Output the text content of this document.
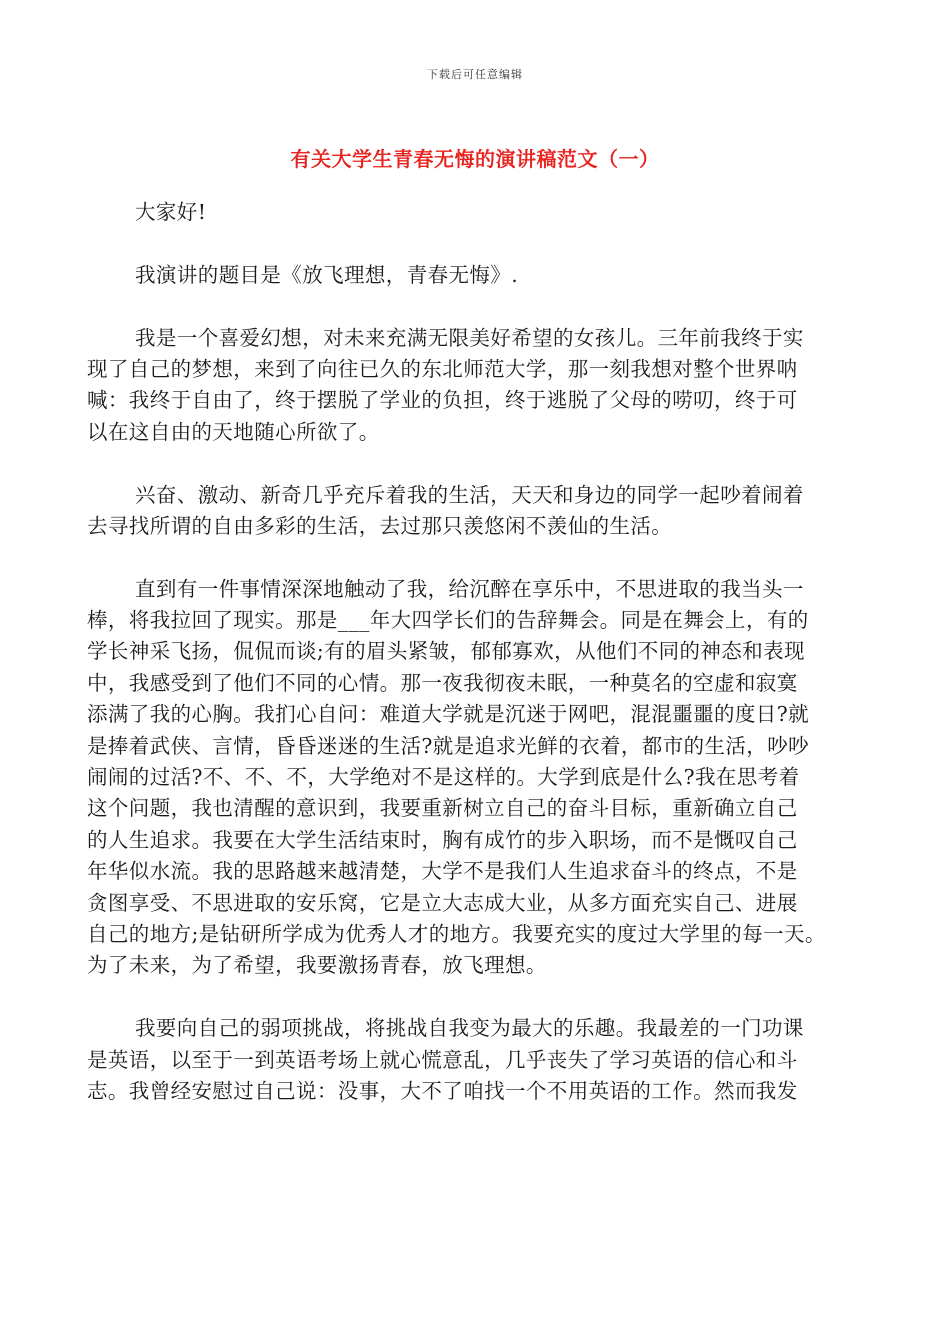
下载后可任意编辑
有关大学生青春无悔的演讲稿范文（一）
大家好!
我演讲的题目是《放飞理想，青春无悔》.
我是一个喜爱幻想，对未来充满无限美好希望的女孩儿。三年前我终于实
现了自己的梦想，来到了向往已久的东北师范大学，那一刻我想对整个世界呐
喊：我终于自由了，终于摆脱了学业的负担，终于逃脱了父母的唠叨，终于可
以在这自由的天地随心所欲了。
兴奋、激动、新奇几乎充斥着我的生活，天天和身边的同学一起吵着闹着
去寻找所谓的自由多彩的生活，去过那只羡悠闲不羡仙的生活。
直到有一件事情深深地触动了我，给沉醉在享乐中，不思进取的我当头一
棒，将我拉回了现实。那是___年大四学长们的告辞舞会。同是在舞会上，有的
学长神采飞扬，侃侃而谈;有的眉头紧皱，郁郁寡欢，从他们不同的神态和表现
中，我感受到了他们不同的心情。那一夜我彻夜未眠，一种莫名的空虚和寂寞
添满了我的心胸。我扪心自问：难道大学就是沉迷于网吧，混混噩噩的度日?就
是捧着武侠、言情，昏昏迷迷的生活?就是追求光鲜的衣着，都市的生活，吵吵
闹闹的过活?不、不、不，大学绝对不是这样的。大学到底是什么?我在思考着
这个问题，我也清醒的意识到，我要重新树立自己的奋斗目标，重新确立自己
的人生追求。我要在大学生活结束时，胸有成竹的步入职场，而不是慨叹自己
年华似水流。我的思路越来越清楚，大学不是我们人生追求奋斗的终点，不是
贪图享受、不思进取的安乐窝，它是立大志成大业，从多方面充实自己、进展
自己的地方;是钻研所学成为优秀人才的地方。我要充实的度过大学里的每一天。
为了未来，为了希望，我要激扬青春，放飞理想。
我要向自己的弱项挑战，将挑战自我变为最大的乐趣。我最差的一门功课
是英语，以至于一到英语考场上就心慌意乱，几乎丧失了学习英语的信心和斗
志。我曾经安慰过自己说：没事，大不了咱找一个不用英语的工作。然而我发
